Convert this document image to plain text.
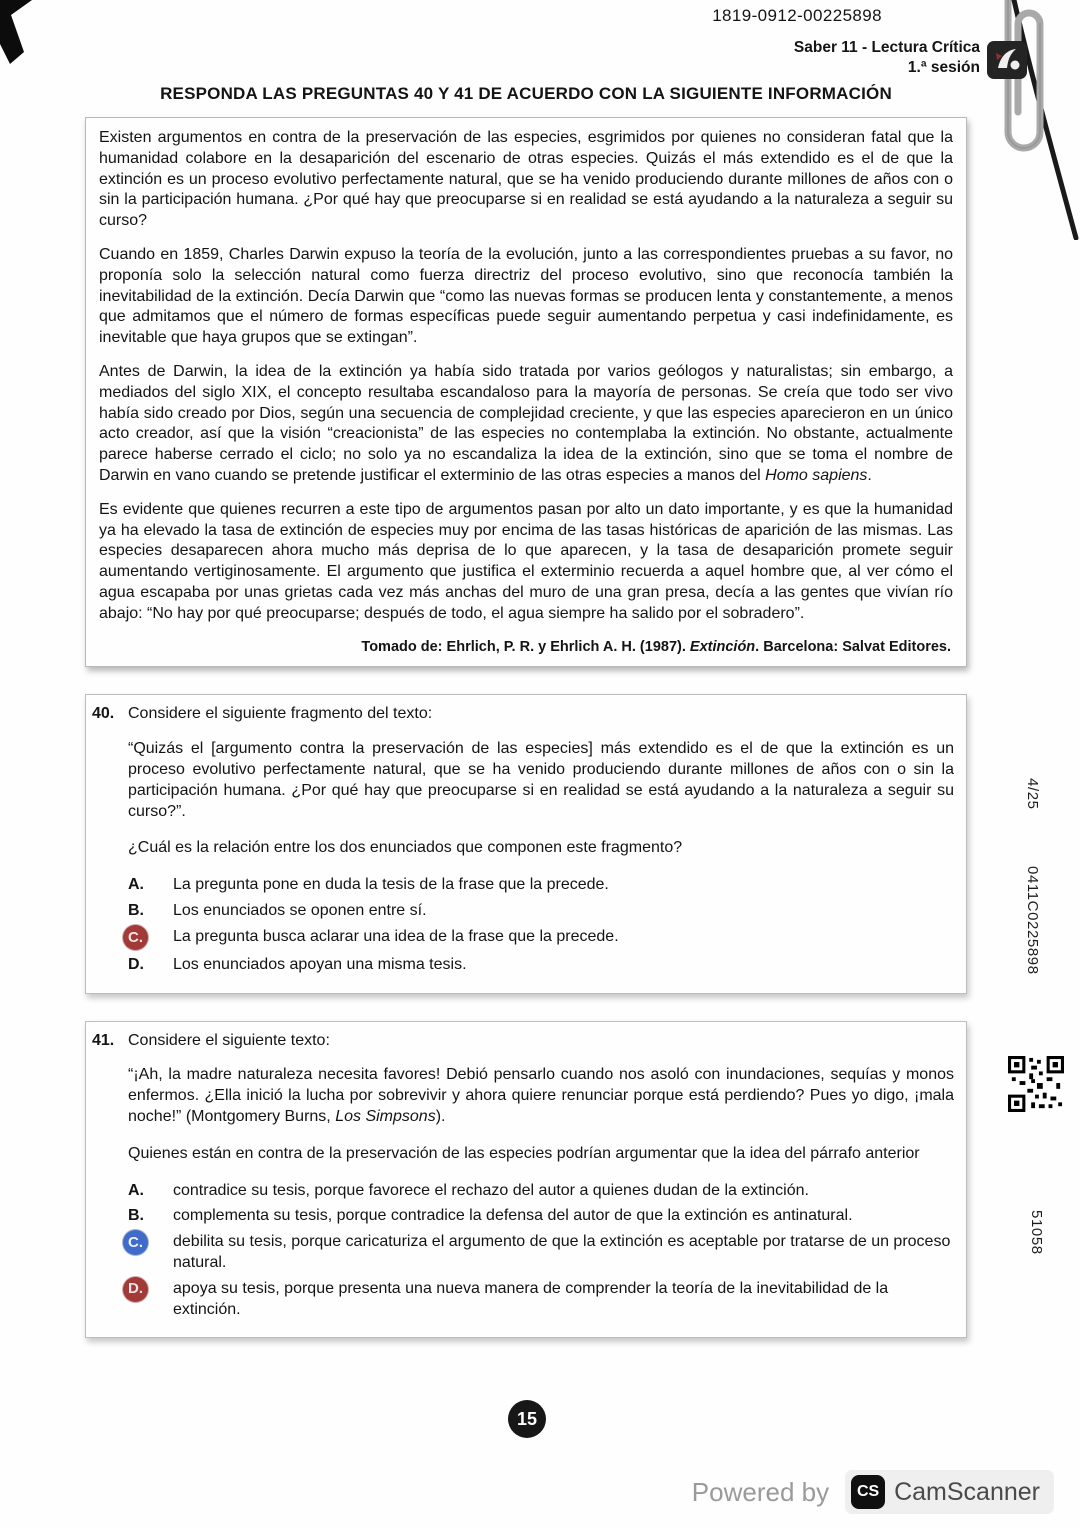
1819-0912-00225898
Saber 11 - Lectura Crítica
1.ª sesión
RESPONDA LAS PREGUNTAS 40 Y 41 DE ACUERDO CON LA SIGUIENTE INFORMACIÓN

Existen argumentos en contra de la preservación de las especies, esgrimidos por quienes no consideran fatal que la humanidad colabore en la desaparición del escenario de otras especies. Quizás el más extendido es el de que la extinción es un proceso evolutivo perfectamente natural, que se ha venido produciendo durante millones de años con o sin la participación humana. ¿Por qué hay que preocuparse si en realidad se está ayudando a la naturaleza a seguir su curso?

Cuando en 1859, Charles Darwin expuso la teoría de la evolución, junto a las correspondientes pruebas a su favor, no proponía solo la selección natural como fuerza directriz del proceso evolutivo, sino que reconocía también la inevitabilidad de la extinción. Decía Darwin que “como las nuevas formas se producen lenta y constantemente, a menos que admitamos que el número de formas específicas puede seguir aumentando perpetua y casi indefinidamente, es inevitable que haya grupos que se extingan”.

Antes de Darwin, la idea de la extinción ya había sido tratada por varios geólogos y naturalistas; sin embargo, a mediados del siglo XIX, el concepto resultaba escandaloso para la mayoría de personas. Se creía que todo ser vivo había sido creado por Dios, según una secuencia de complejidad creciente, y que las especies aparecieron en un único acto creador, así que la visión “creacionista” de las especies no contemplaba la extinción. No obstante, actualmente parece haberse cerrado el ciclo; no solo ya no escandaliza la idea de la extinción, sino que se toma el nombre de Darwin en vano cuando se pretende justificar el exterminio de las otras especies a manos del Homo sapiens.

Es evidente que quienes recurren a este tipo de argumentos pasan por alto un dato importante, y es que la humanidad ya ha elevado la tasa de extinción de especies muy por encima de las tasas históricas de aparición de las mismas. Las especies desaparecen ahora mucho más deprisa de lo que aparecen, y la tasa de desaparición promete seguir aumentando vertiginosamente. El argumento que justifica el exterminio recuerda a aquel hombre que, al ver cómo el agua escapaba por unas grietas cada vez más anchas del muro de una gran presa, decía a las gentes que vivían río abajo: “No hay por qué preocuparse; después de todo, el agua siempre ha salido por el sobradero”.

Tomado de: Ehrlich, P. R. y Ehrlich A. H. (1987). Extinción. Barcelona: Salvat Editores.
40. Considere el siguiente fragmento del texto:

“Quizás el [argumento contra la preservación de las especies] más extendido es el de que la extinción es un proceso evolutivo perfectamente natural, que se ha venido produciendo durante millones de años con o sin la participación humana. ¿Por qué hay que preocuparse si en realidad se está ayudando a la naturaleza a seguir su curso?”.

¿Cuál es la relación entre los dos enunciados que componen este fragmento?

A.	La pregunta pone en duda la tesis de la frase que la precede.
B.	Los enunciados se oponen entre sí.
C.	La pregunta busca aclarar una idea de la frase que la precede.
D.	Los enunciados apoyan una misma tesis.
41. Considere el siguiente texto:

“¡Ah, la madre naturaleza necesita favores! Debió pensarlo cuando nos asoló con inundaciones, sequías y monos enfermos. ¿Ella inició la lucha por sobrevivir y ahora quiere renunciar porque está perdiendo? Pues yo digo, ¡mala noche!” (Montgomery Burns, Los Simpsons).

Quienes están en contra de la preservación de las especies podrían argumentar que la idea del párrafo anterior

A.	contradice su tesis, porque favorece el rechazo del autor a quienes dudan de la extinción.
B.	complementa su tesis, porque contradice la defensa del autor de que la extinción es antinatural.
C.	debilita su tesis, porque caricaturiza el argumento de que la extinción es aceptable por tratarse de un proceso natural.
D.	apoya su tesis, porque presenta una nueva manera de comprender la teoría de la inevitabilidad de la extinción.
4/25
0411C0225898
51058
15
Powered by	CS CamScanner
